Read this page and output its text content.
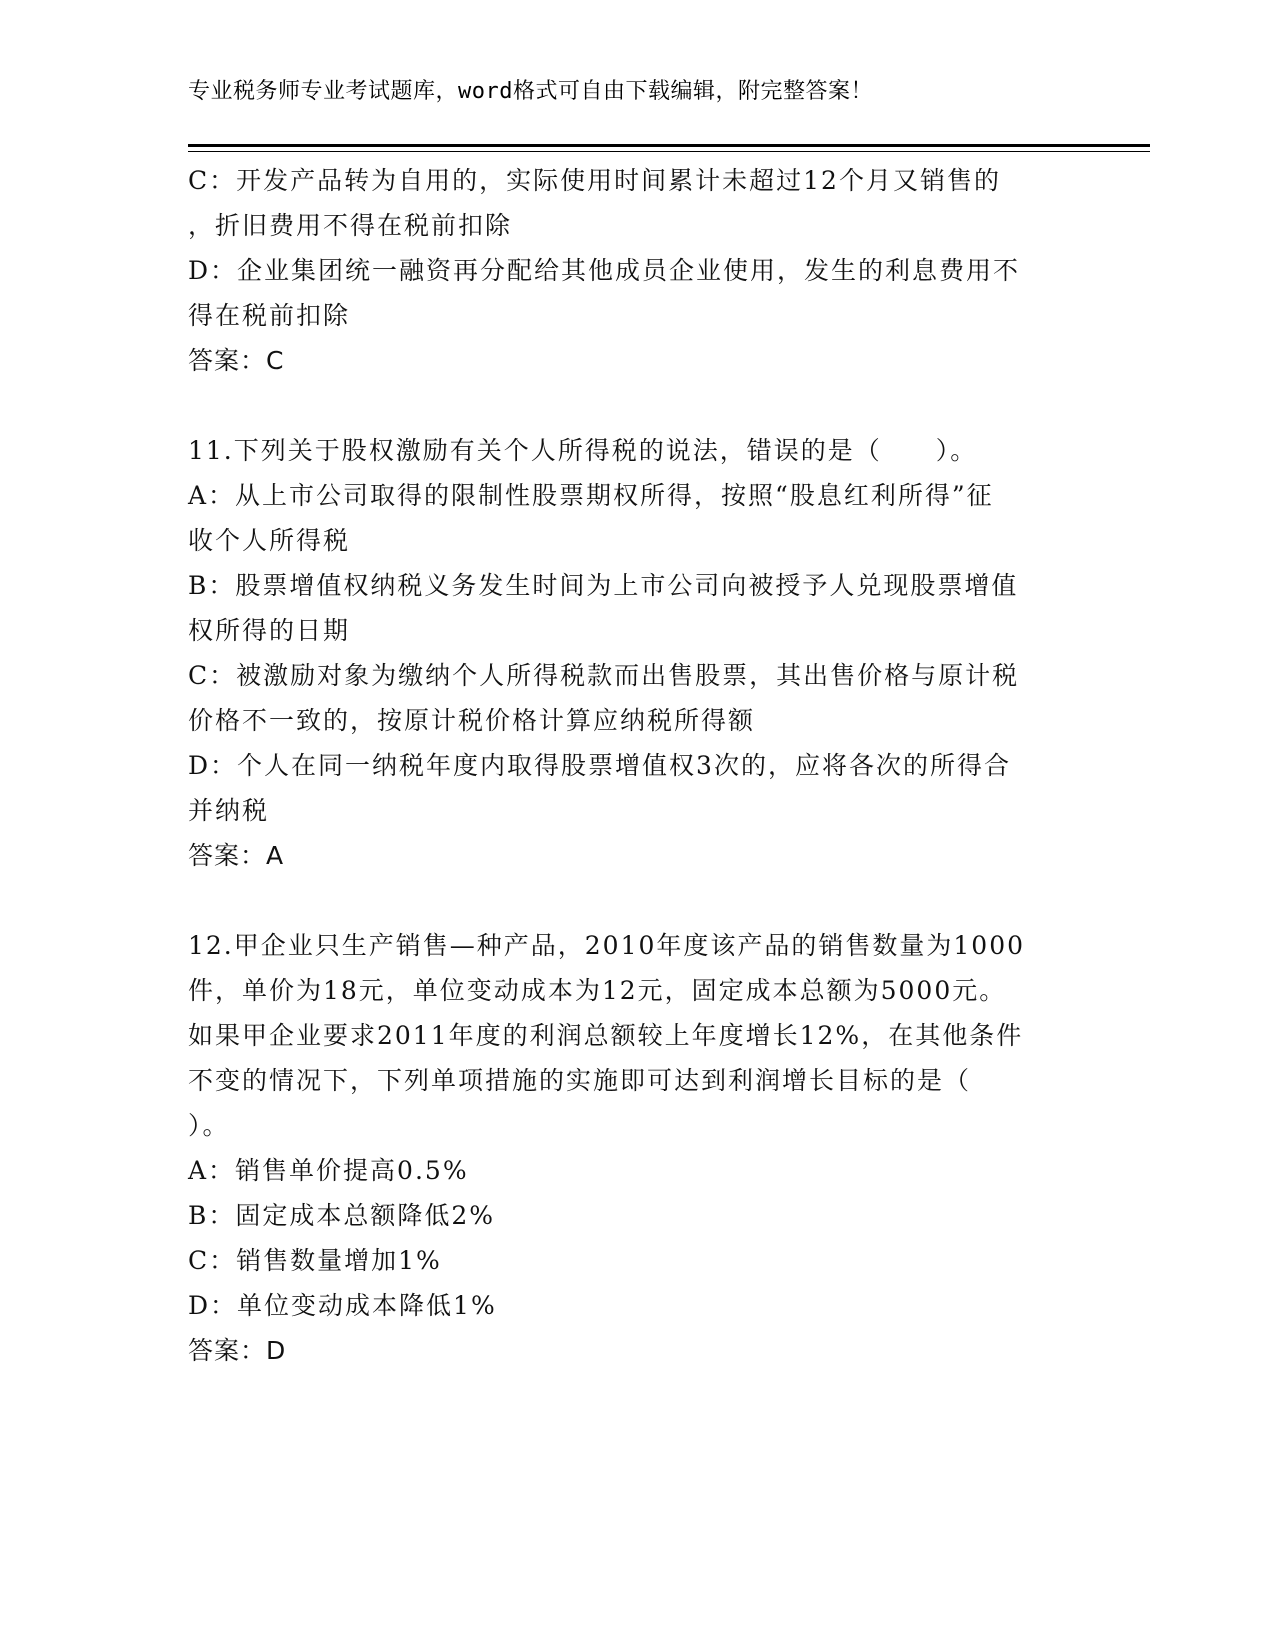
专业税务师专业考试题库，word格式可自由下载编辑，附完整答案！
C：开发产品转为自用的，实际使用时间累计未超过12个月又销售的
，折旧费用不得在税前扣除
D：企业集团统一融资再分配给其他成员企业使用，发生的利息费用不
得在税前扣除
答案：C
11.下列关于股权激励有关个人所得税的说法，错误的是（　　）。
A：从上市公司取得的限制性股票期权所得，按照“股息红利所得”征
收个人所得税
B：股票增值权纳税义务发生时间为上市公司向被授予人兑现股票增值
权所得的日期
C：被激励对象为缴纳个人所得税款而出售股票，其出售价格与原计税
价格不一致的，按原计税价格计算应纳税所得额
D：个人在同一纳税年度内取得股票增值权3次的，应将各次的所得合
并纳税
答案：A
12.甲企业只生产销售—种产品，2010年度该产品的销售数量为1000
件，单价为18元，单位变动成本为12元，固定成本总额为5000元。
如果甲企业要求2011年度的利润总额较上年度增长12%，在其他条件
不变的情况下，下列单项措施的实施即可达到利润增长目标的是（
）。
A：销售单价提高0.5%
B：固定成本总额降低2%
C：销售数量增加1%
D：单位变动成本降低1%
答案：D
